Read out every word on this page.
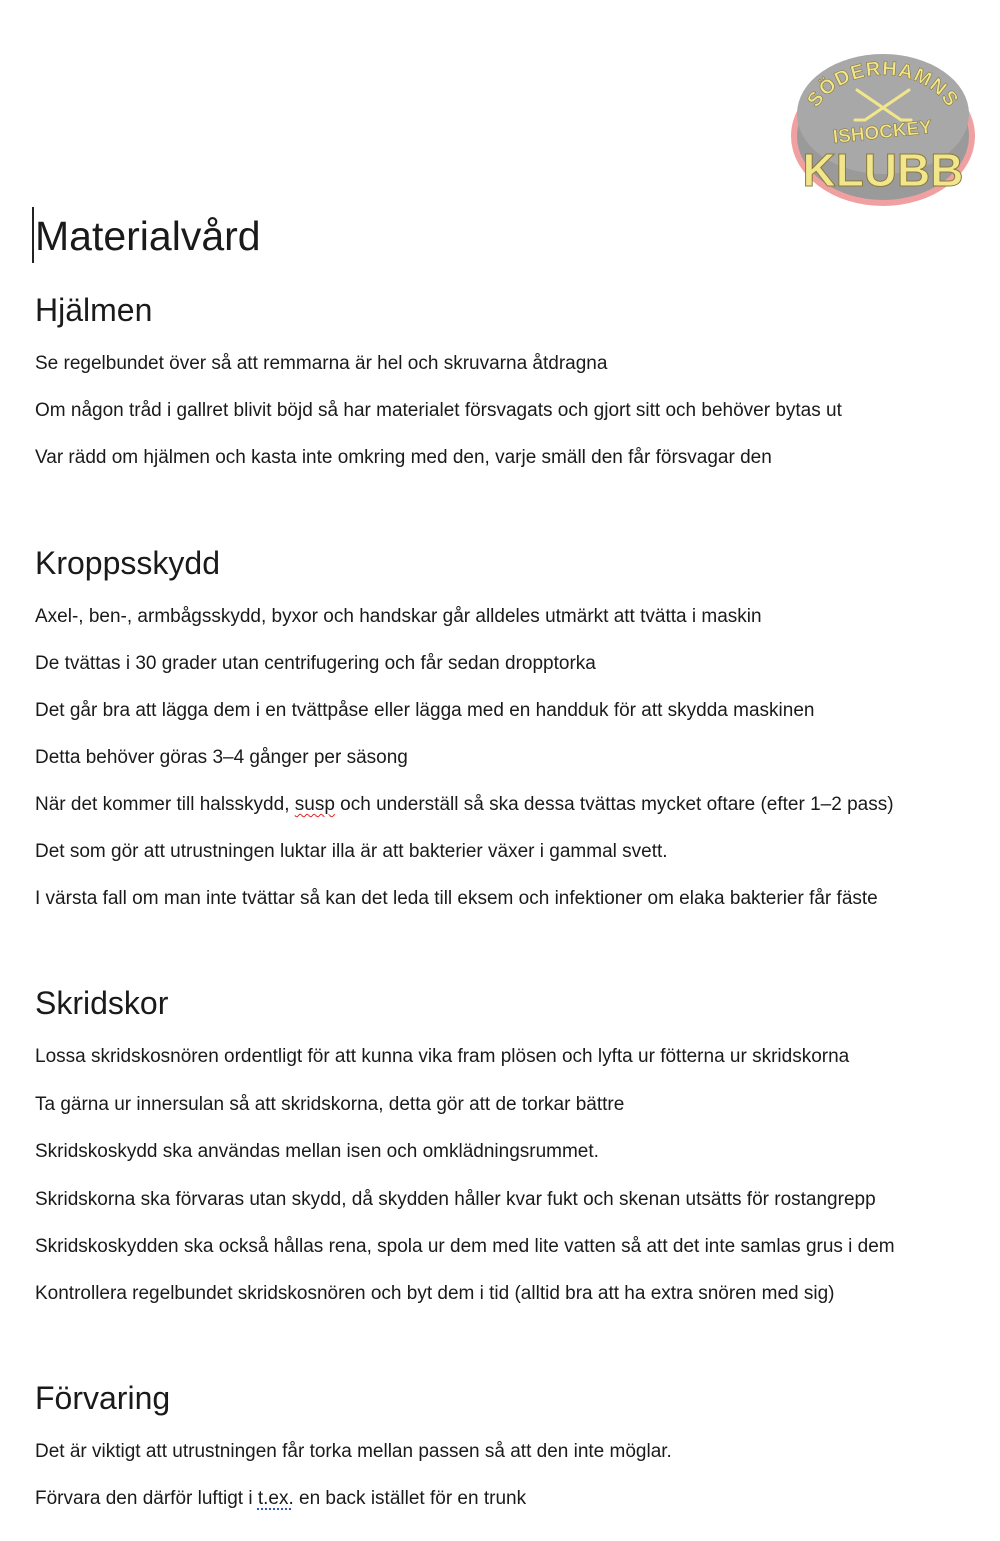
SÖDERHAMNS
ISHOCKEY
KLUBB
Materialvård
Hjälmen

Se regelbundet över så att remmarna är hel och skruvarna åtdragna

Om någon tråd i gallret blivit böjd så har materialet försvagats och gjort sitt och behöver bytas ut

Var rädd om hjälmen och kasta inte omkring med den, varje smäll den får försvagar den

Kroppsskydd

Axel-, ben-, armbågsskydd, byxor och handskar går alldeles utmärkt att tvätta i maskin

De tvättas i 30 grader utan centrifugering och får sedan dropptorka

Det går bra att lägga dem i en tvättpåse eller lägga med en handduk för att skydda maskinen

Detta behöver göras 3–4 gånger per säsong

När det kommer till halsskydd, susp och underställ så ska dessa tvättas mycket oftare (efter 1–2 pass)

Det som gör att utrustningen luktar illa är att bakterier växer i gammal svett.

I värsta fall om man inte tvättar så kan det leda till eksem och infektioner om elaka bakterier får fäste

Skridskor

Lossa skridskosnören ordentligt för att kunna vika fram plösen och lyfta ur fötterna ur skridskorna

Ta gärna ur innersulan så att skridskorna, detta gör att de torkar bättre

Skridskoskydd ska användas mellan isen och omklädningsrummet.

Skridskorna ska förvaras utan skydd, då skydden håller kvar fukt och skenan utsätts för rostangrepp

Skridskoskydden ska också hållas rena, spola ur dem med lite vatten så att det inte samlas grus i dem

Kontrollera regelbundet skridskosnören och byt dem i tid (alltid bra att ha extra snören med sig)

Förvaring

Det är viktigt att utrustningen får torka mellan passen så att den inte möglar.

Förvara den därför luftigt i t.ex. en back istället för en trunk
